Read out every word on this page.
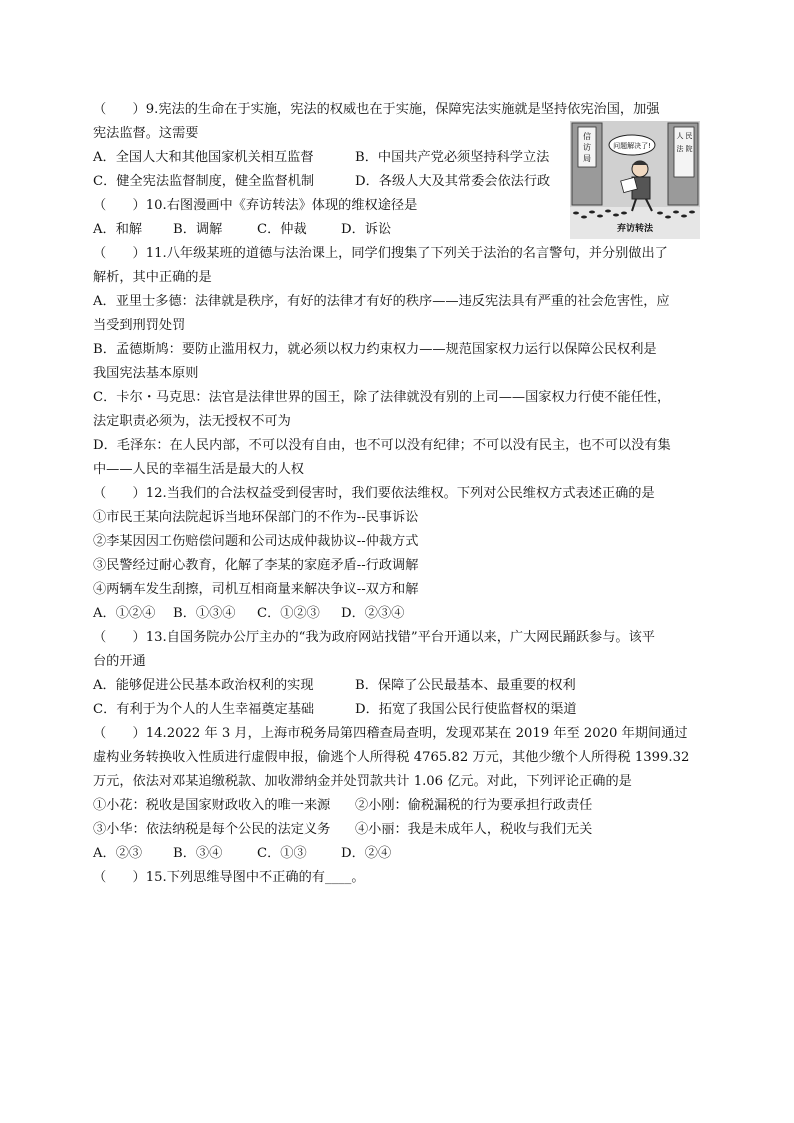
信
访
局
人 民
法 院
问题解决了!
弃访转法
（　　）9.宪法的生命在于实施，宪法的权威也在于实施，保障宪法实施就是坚持依宪治国，加强
宪法监督。这需要
A．全国人大和其他国家机关相互监督	B．中国共产党必须坚持科学立法
C．健全宪法监督制度，健全监督机制	D．各级人大及其常委会依法行政
（　　）10.右图漫画中《弃访转法》体现的维权途径是
A．和解	B．调解	C．仲裁	D．诉讼
（　　）11.八年级某班的道德与法治课上，同学们搜集了下列关于法治的名言警句，并分别做出了
解析，其中正确的是
A．亚里士多德：法律就是秩序，有好的法律才有好的秩序——违反宪法具有严重的社会危害性，应
当受到刑罚处罚
B．孟德斯鸠：要防止滥用权力，就必须以权力约束权力——规范国家权力运行以保障公民权利是
我国宪法基本原则
C．卡尔・马克思：法官是法律世界的国王，除了法律就没有别的上司——国家权力行使不能任性，
法定职责必须为，法无授权不可为
D．毛泽东：在人民内部，不可以没有自由，也不可以没有纪律；不可以没有民主，也不可以没有集
中——人民的幸福生活是最大的人权
（　　）12.当我们的合法权益受到侵害时，我们要依法维权。下列对公民维权方式表述正确的是
①市民王某向法院起诉当地环保部门的不作为--民事诉讼
②李某因因工伤赔偿问题和公司达成仲裁协议--仲裁方式
③民警经过耐心教育，化解了李某的家庭矛盾--行政调解
④两辆车发生刮擦，司机互相商量来解决争议--双方和解
A．①②④	B．①③④	C．①②③	D．②③④
（　　）13.自国务院办公厅主办的“我为政府网站找错”平台开通以来，广大网民踊跃参与。该平
台的开通
A．能够促进公民基本政治权利的实现	B．保障了公民最基本、最重要的权利
C．有利于为个人的人生幸福奠定基础	D．拓宽了我国公民行使监督权的渠道
（　　）14.2022 年 3 月，上海市税务局第四稽查局查明，发现邓某在 2019 年至 2020 年期间通过
虚构业务转换收入性质进行虚假申报，偷逃个人所得税 4765.82 万元，其他少缴个人所得税 1399.32
万元，依法对邓某追缴税款、加收滞纳金并处罚款共计 1.06 亿元。对此，下列评论正确的是
①小花：税收是国家财政收入的唯一来源	②小刚：偷税漏税的行为要承担行政责任
③小华：依法纳税是每个公民的法定义务	④小丽：我是未成年人，税收与我们无关
A．②③	B．③④	C．①③	D．②④
（　　）15.下列思维导图中不正确的有____。
